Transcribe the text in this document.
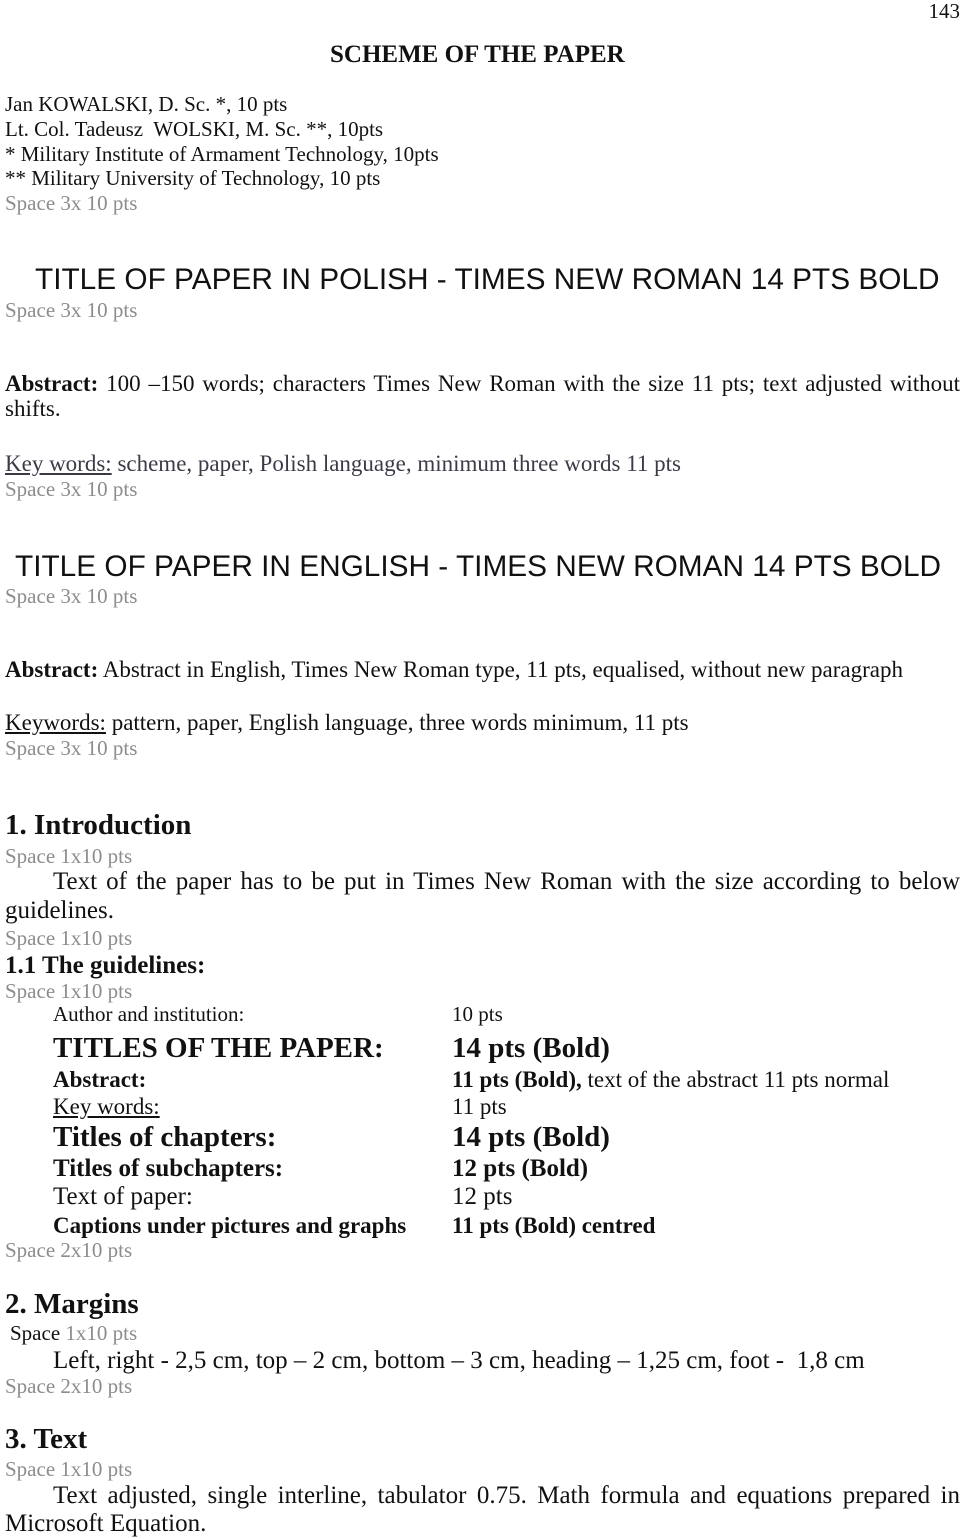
143
SCHEME OF THE PAPER
Jan KOWALSKI, D. Sc. *, 10 pts
Lt. Col. Tadeusz  WOLSKI, M. Sc. **, 10pts
* Military Institute of Armament Technology, 10pts
** Military University of Technology, 10 pts
Space 3x 10 pts
TITLE OF PAPER IN POLISH - TIMES NEW ROMAN 14 PTS BOLD
Space 3x 10 pts
Abstract: 100 –150 words; characters Times New Roman with the size 11 pts; text adjusted without
shifts.
Key words: scheme, paper, Polish language, minimum three words 11 pts
Space 3x 10 pts
TITLE OF PAPER IN ENGLISH - TIMES NEW ROMAN 14 PTS BOLD
Space 3x 10 pts
Abstract: Abstract in English, Times New Roman type, 11 pts, equalised, without new paragraph
Keywords: pattern, paper, English language, three words minimum, 11 pts
Space 3x 10 pts
1. Introduction
Space 1x10 pts
Text of the paper has to be put in Times New Roman with the size according to below
guidelines.
Space 1x10 pts
1.1 The guidelines:
Space 1x10 pts
Author and institution:	10 pts
TITLES OF THE PAPER: 14 pts (Bold)
Abstract:	11 pts (Bold), text of the abstract 11 pts normal
Key words:	11 pts
Titles of chapters:	14 pts (Bold)
Titles of subchapters:	12 pts (Bold)
Text of paper:	12 pts
Captions under pictures and graphs 11 pts (Bold) centred
Space 2x10 pts
2. Margins
Space 1x10 pts
Left, right - 2,5 cm, top – 2 cm, bottom – 3 cm, heading – 1,25 cm, foot -  1,8 cm
Space 2x10 pts
3. Text
Space 1x10 pts
Text adjusted, single interline, tabulator 0.75. Math formula and equations prepared in
Microsoft Equation.
